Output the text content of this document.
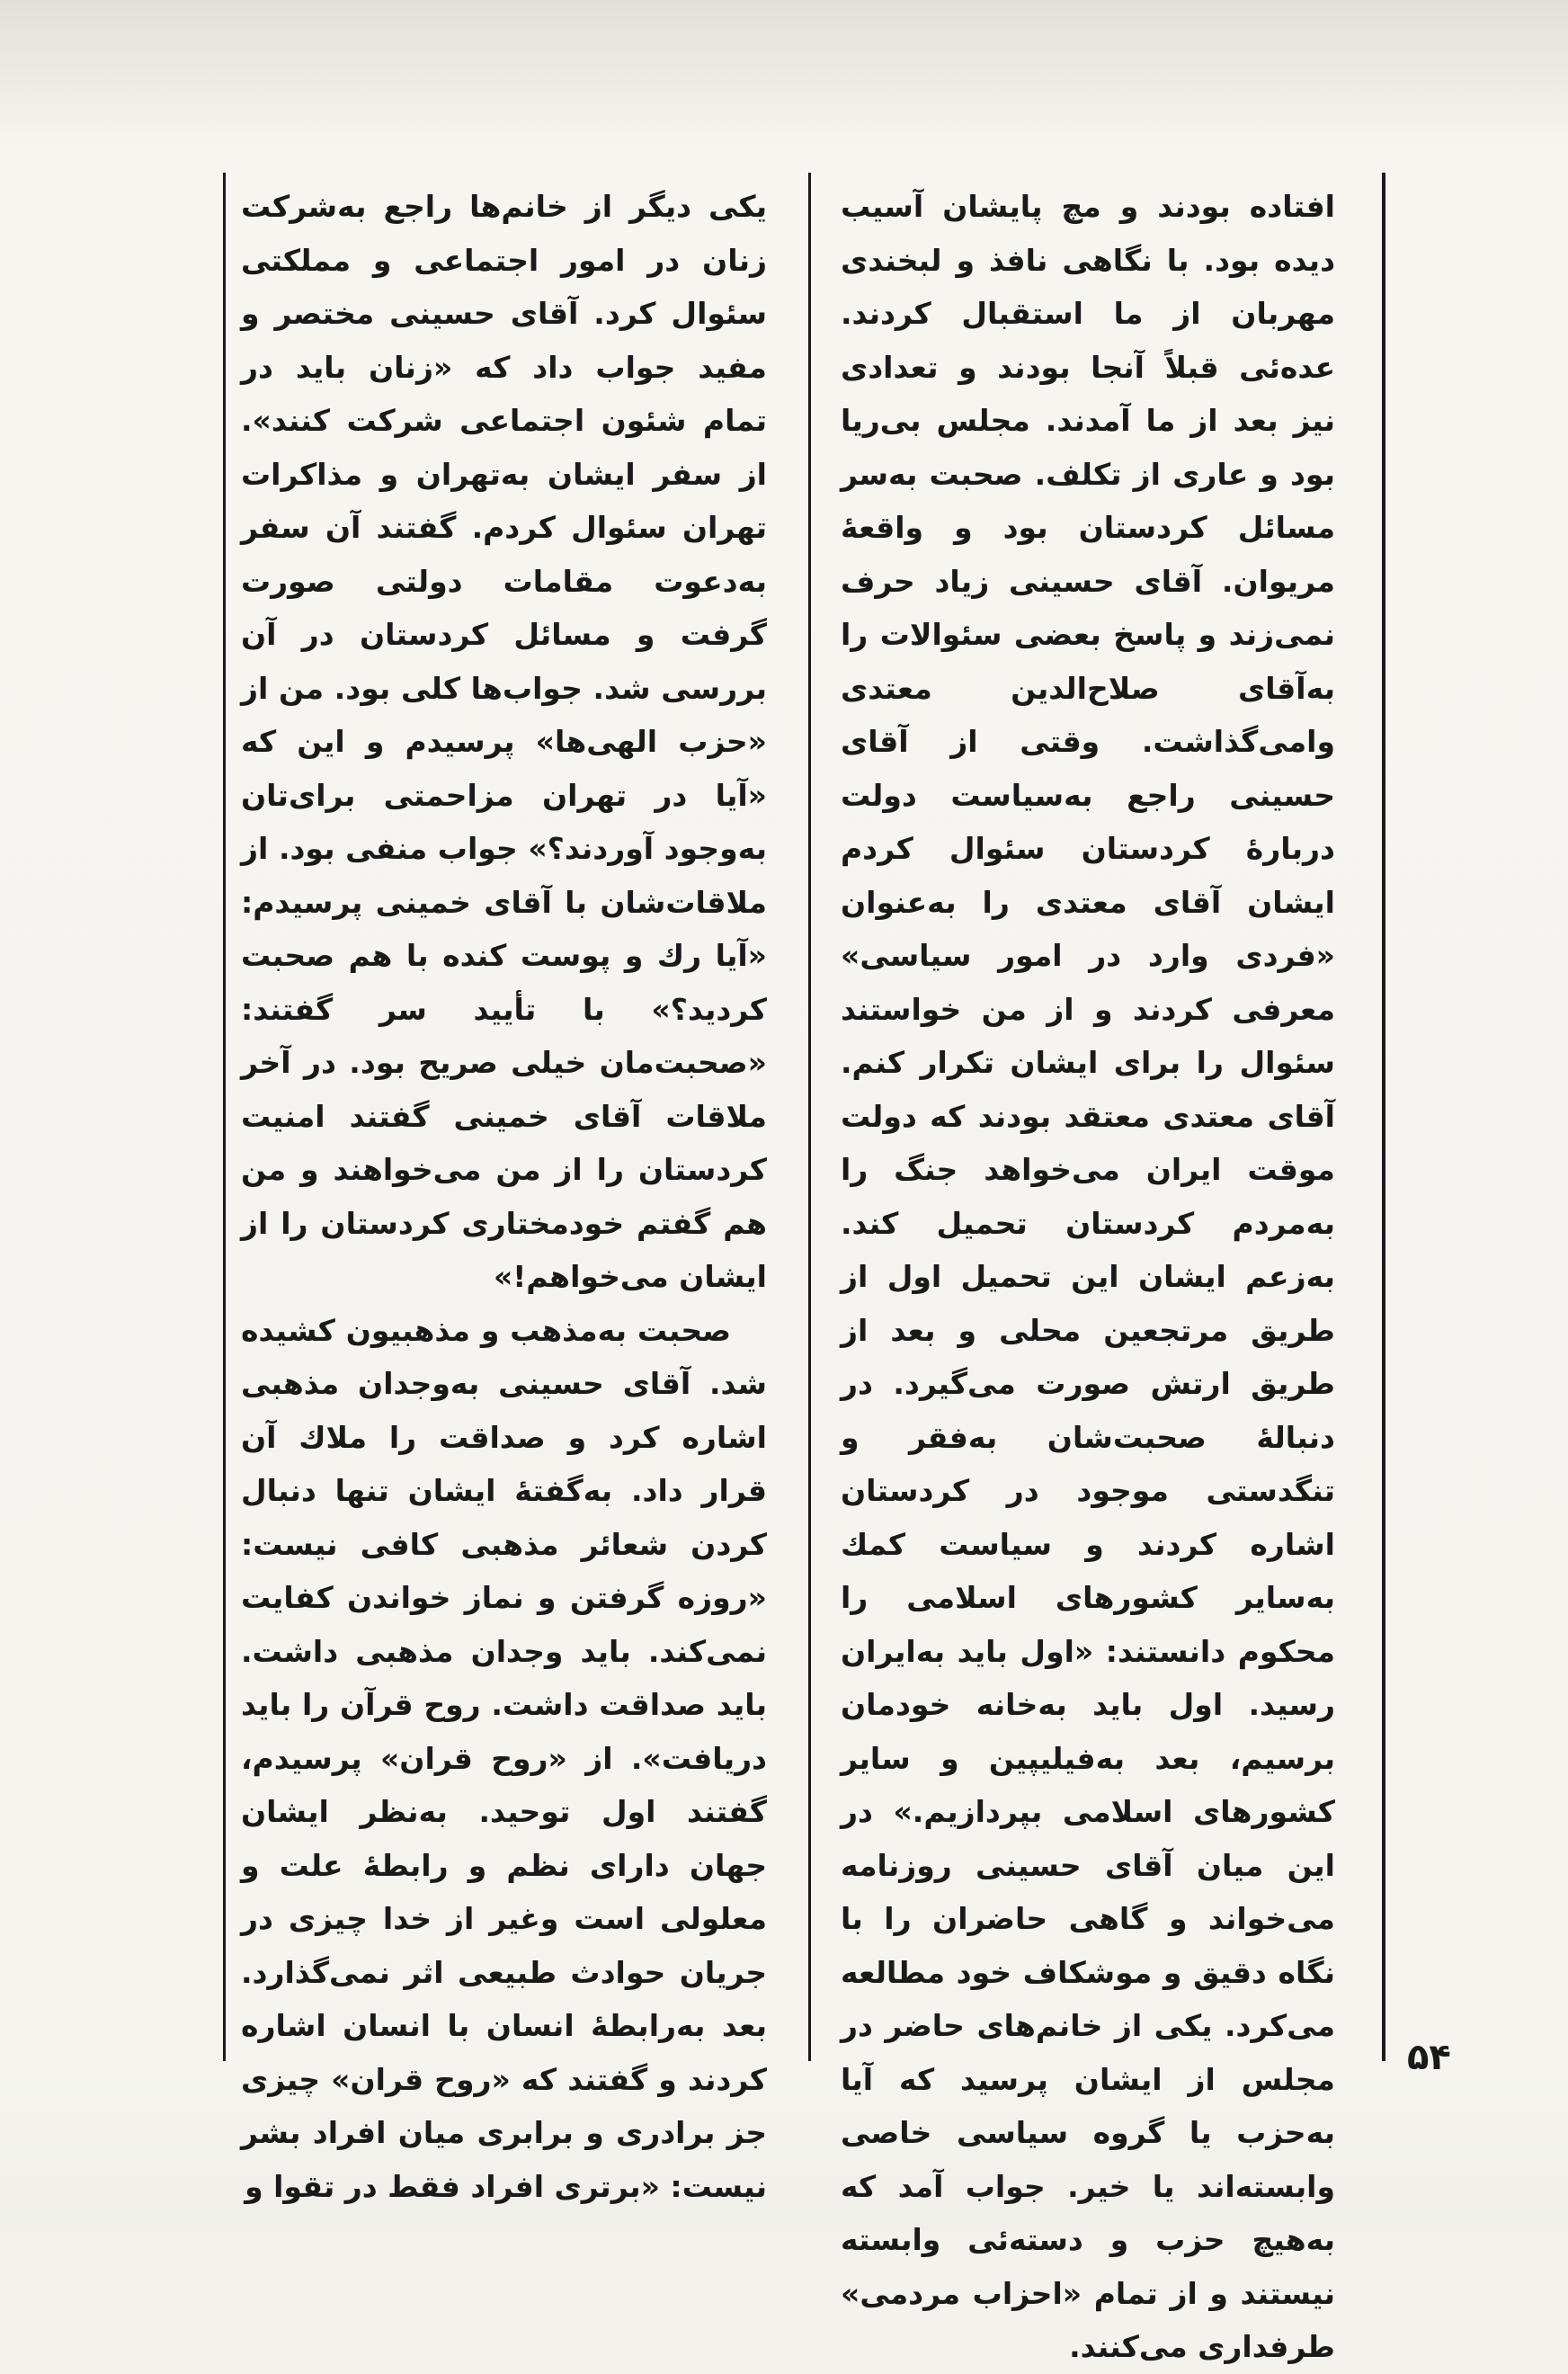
افتاده بودند و مچ پایشان آسیب دیده بود. با نگاهی نافذ و لبخندی مهربان از ما استقبال کردند. عده‌ئی قبلاً آنجا بودند و تعدادی نیز بعد از ما آمدند. مجلس بی‌ریا بود و عاری از تکلف. صحبت به‌سر مسائل کردستان بود و واقعهٔ مریوان. آقای حسینی زیاد حرف نمی‌زند و پاسخ بعضی سئوالات را به‌آقای صلاح‌الدین معتدی وامی‌گذاشت. وقتی از آقای حسینی راجع به‌سیاست دولت دربارهٔ کردستان سئوال کردم ایشان آقای معتدی را به‌عنوان «فردی وارد در امور سیاسی» معرفی کردند و از من خواستند سئوال را برای ایشان تکرار کنم. آقای معتدی معتقد بودند که دولت موقت ایران می‌خواهد جنگ را به‌مردم کردستان تحمیل کند. به‌زعم ایشان این تحمیل اول از طریق مرتجعین محلی و بعد از طریق ارتش صورت می‌گیرد. در دنبالهٔ صحبت‌شان به‌فقر و تنگدستی موجود در کردستان اشاره کردند و سیاست کمك به‌سایر کشورهای اسلامی را محکوم دانستند: «اول باید به‌ایران رسید. اول باید به‌خانه خودمان برسیم، بعد به‌فیلیپین و سایر کشورهای اسلامی بپردازیم.» در این میان آقای حسینی روزنامه می‌خواند و گاهی حاضران را با نگاه دقیق و موشکاف خود مطالعه می‌کرد. یکی از خانم‌های حاضر در مجلس از ایشان پرسید که آیا به‌حزب یا گروه سیاسی خاصی وابسته‌اند یا خیر. جواب آمد که به‌هیچ حزب و دسته‌ئی وابسته نیستند و از تمام «احزاب مردمی» طرفداری می‌کنند.

یکی دیگر از خانم‌ها راجع به‌شرکت زنان در امور اجتماعی و مملکتی سئوال کرد. آقای حسینی مختصر و مفید جواب داد که «زنان باید در تمام شئون اجتماعی شرکت کنند». از سفر ایشان به‌تهران و مذاکرات تهران سئوال کردم. گفتند آن سفر به‌دعوت مقامات دولتی صورت گرفت و مسائل کردستان در آن بررسی شد. جواب‌ها کلی بود. من از «حزب الهی‌ها» پرسیدم و این که «آیا در تهران مزاحمتی برای‌تان به‌وجود آوردند؟» جواب منفی بود. از ملاقات‌شان با آقای خمینی پرسیدم: «آیا رك و پوست کنده با هم صحبت کردید؟» با تأیید سر گفتند: «صحبت‌مان خیلی صریح بود. در آخر ملاقات آقای خمینی گفتند امنیت کردستان را از من می‌خواهند و من هم گفتم خودمختاری کردستان را از ایشان می‌خواهم!»

صحبت به‌مذهب و مذهبیون کشیده شد. آقای حسینی به‌وجدان مذهبی اشاره کرد و صداقت را ملاك آن قرار داد. به‌گفتهٔ ایشان تنها دنبال کردن شعائر مذهبی کافی نیست: «روزه گرفتن و نماز خواندن کفایت نمی‌کند. باید وجدان مذهبی داشت. باید صداقت داشت. روح قرآن را باید دریافت». از «روح قران» پرسیدم، گفتند اول توحید. به‌نظر ایشان جهان دارای نظم و رابطهٔ علت و معلولی است وغیر از خدا چیزی در جریان حوادث طبیعی اثر نمی‌گذارد. بعد به‌رابطهٔ انسان با انسان اشاره کردند و گفتند که «روح قران» چیزی جز برادری و برابری میان افراد بشر نیست: «برتری افراد فقط در تقوا و

۵۴
